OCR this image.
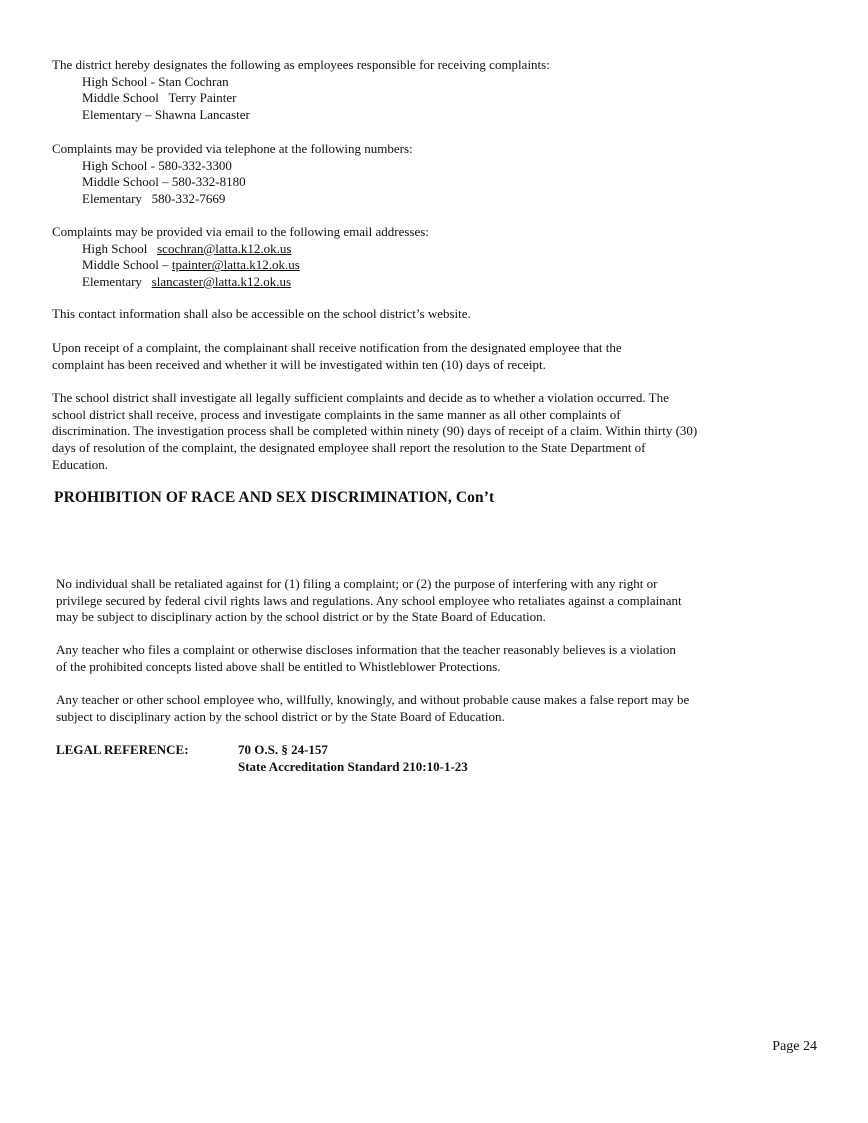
The district hereby designates the following as employees responsible for receiving complaints:
High School - Stan Cochran
Middle School Terry Painter
Elementary – Shawna Lancaster
Complaints may be provided via telephone at the following numbers:
High School - 580-332-3300
Middle School – 580-332-8180
Elementary 580-332-7669
Complaints may be provided via email to the following email addresses:
High School scochran@latta.k12.ok.us
Middle School – tpainter@latta.k12.ok.us
Elementary slancaster@latta.k12.ok.us
This contact information shall also be accessible on the school district’s website.
Upon receipt of a complaint, the complainant shall receive notification from the designated employee that the complaint has been received and whether it will be investigated within ten (10) days of receipt.
The school district shall investigate all legally sufficient complaints and decide as to whether a violation occurred. The school district shall receive, process and investigate complaints in the same manner as all other complaints of discrimination. The investigation process shall be completed within ninety (90) days of receipt of a claim. Within thirty (30) days of resolution of the complaint, the designated employee shall report the resolution to the State Department of Education.
PROHIBITION OF RACE AND SEX DISCRIMINATION, Con’t
No individual shall be retaliated against for (1) filing a complaint; or (2) the purpose of interfering with any right or privilege secured by federal civil rights laws and regulations. Any school employee who retaliates against a complainant may be subject to disciplinary action by the school district or by the State Board of Education.
Any teacher who files a complaint or otherwise discloses information that the teacher reasonably believes is a violation of the prohibited concepts listed above shall be entitled to Whistleblower Protections.
Any teacher or other school employee who, willfully, knowingly, and without probable cause makes a false report may be subject to disciplinary action by the school district or by the State Board of Education.
LEGAL REFERENCE:	70 O.S. § 24-157
State Accreditation Standard 210:10-1-23
Page 24
